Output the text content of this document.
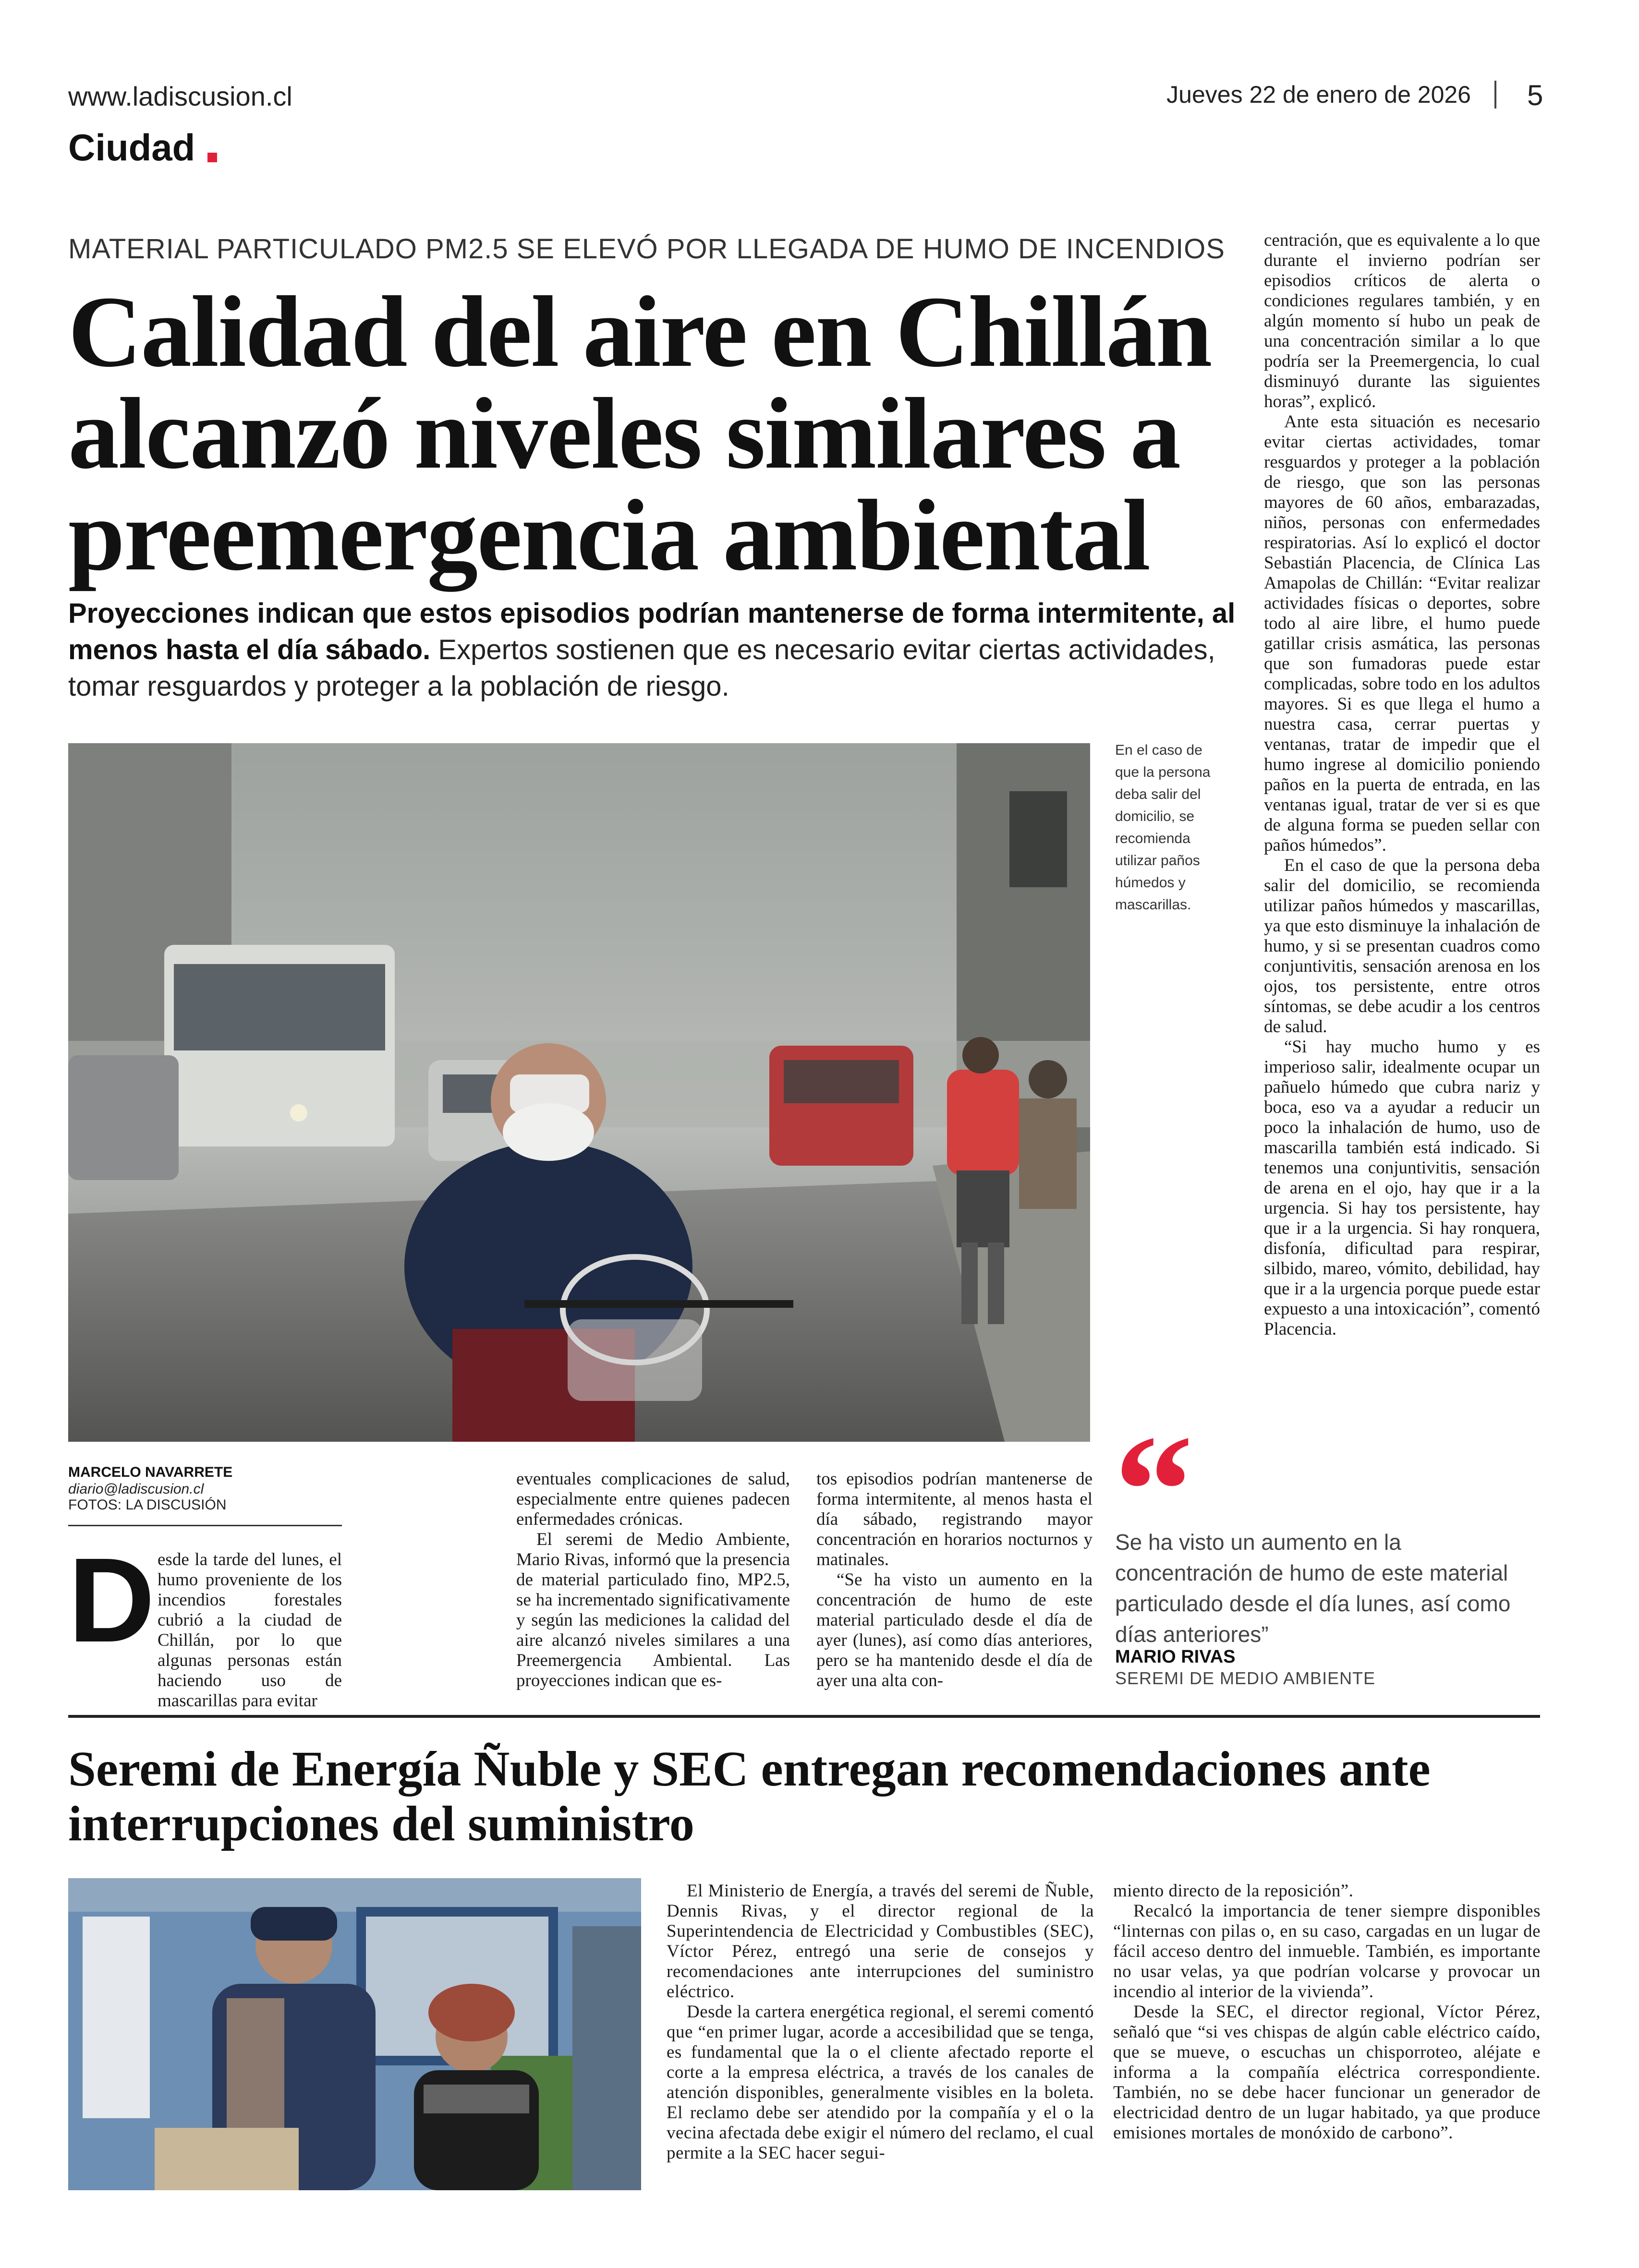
www.ladiscusion.cl	Jueves 22 de enero de 2026 5
Ciudad
MATERIAL PARTICULADO PM2.5 SE ELEVÓ POR LLEGADA DE HUMO DE INCENDIOS
Calidad del aire en Chillán alcanzó niveles similares a preemergencia ambiental
Proyecciones indican que estos episodios podrían mantenerse de forma intermitente, al menos hasta el día sábado. Expertos sostienen que es necesario evitar ciertas actividades, tomar resguardos y proteger a la población de riesgo.
En el caso de que la persona deba salir del domicilio, se recomienda utilizar paños húmedos y mascarillas.
MARCELO NAVARRETE
diario@ladiscusion.cl
FOTOS: LA DISCUSIÓN
D esde la tarde del lunes, el humo proveniente de los incendios forestales cubrió a la ciudad de Chillán, por lo que algunas personas están haciendo uso de mascarillas para evitar

eventuales complicaciones de salud, especialmente entre quienes padecen enfermedades crónicas.

El seremi de Medio Ambiente, Mario Rivas, informó que la presencia de material particulado fino, MP2.5, se ha incrementado significativamente y según las mediciones la calidad del aire alcanzó niveles similares a una Preemergencia Ambiental. Las proyecciones indican que es-

tos episodios podrían mantenerse de forma intermitente, al menos hasta el día sábado, registrando mayor concentración en horarios nocturnos y matinales.

“Se ha visto un aumento en la concentración de humo de este material particulado desde el día de ayer (lunes), así como días anteriores, pero se ha mantenido desde el día de ayer una alta con-

centración, que es equivalente a lo que durante el invierno podrían ser episodios críticos de alerta o condiciones regulares también, y en algún momento sí hubo un peak de una concentración similar a lo que podría ser la Preemergencia, lo cual disminuyó durante las siguientes horas”, explicó.

Ante esta situación es necesario evitar ciertas actividades, tomar resguardos y proteger a la población de riesgo, que son las personas mayores de 60 años, embarazadas, niños, personas con enfermedades respiratorias. Así lo explicó el doctor Sebastián Placencia, de Clínica Las Amapolas de Chillán: “Evitar realizar actividades físicas o deportes, sobre todo al aire libre, el humo puede gatillar crisis asmática, las personas que son fumadoras puede estar complicadas, sobre todo en los adultos mayores. Si es que llega el humo a nuestra casa, cerrar puertas y ventanas, tratar de impedir que el humo ingrese al domicilio poniendo paños en la puerta de entrada, en las ventanas igual, tratar de ver si es que de alguna forma se pueden sellar con paños húmedos”.

En el caso de que la persona deba salir del domicilio, se recomienda utilizar paños húmedos y mascarillas, ya que esto disminuye la inhalación de humo, y si se presentan cuadros como conjuntivitis, sensación arenosa en los ojos, tos persistente, entre otros síntomas, se debe acudir a los centros de salud.

“Si hay mucho humo y es imperioso salir, idealmente ocupar un pañuelo húmedo que cubra nariz y boca, eso va a ayudar a reducir un poco la inhalación de humo, uso de mascarilla también está indicado. Si tenemos una conjuntivitis, sensación de arena en el ojo, hay que ir a la urgencia. Si hay tos persistente, hay que ir a la urgencia. Si hay ronquera, disfonía, dificultad para respirar, silbido, mareo, vómito, debilidad, hay que ir a la urgencia porque puede estar expuesto a una intoxicación”, comentó Placencia.

“
Se ha visto un aumento en la concentración de humo de este material particulado desde el día lunes, así como días anteriores”
MARIO RIVAS
SEREMI DE MEDIO AMBIENTE
Seremi de Energía Ñuble y SEC entregan recomendaciones ante interrupciones del suministro

El Ministerio de Energía, a través del seremi de Ñuble, Dennis Rivas, y el director regional de la Superintendencia de Electricidad y Combustibles (SEC), Víctor Pérez, entregó una serie de consejos y recomendaciones ante interrupciones del suministro eléctrico.

Desde la cartera energética regional, el seremi comentó que “en primer lugar, acorde a accesibilidad que se tenga, es fundamental que la o el cliente afectado reporte el corte a la empresa eléctrica, a través de los canales de atención disponibles, generalmente visibles en la boleta. El reclamo debe ser atendido por la compañía y el o la vecina afectada debe exigir el número del reclamo, el cual permite a la SEC hacer segui-

miento directo de la reposición”.

Recalcó la importancia de tener siempre disponibles “linternas con pilas o, en su caso, cargadas en un lugar de fácil acceso dentro del inmueble. También, es importante no usar velas, ya que podrían volcarse y provocar un incendio al interior de la vivienda”.

Desde la SEC, el director regional, Víctor Pérez, señaló que “si ves chispas de algún cable eléctrico caído, que se mueve, o escuchas un chisporroteo, aléjate e informa a la compañía eléctrica correspondiente. También, no se debe hacer funcionar un generador de electricidad dentro de un lugar habitado, ya que produce emisiones mortales de monóxido de carbono”.
